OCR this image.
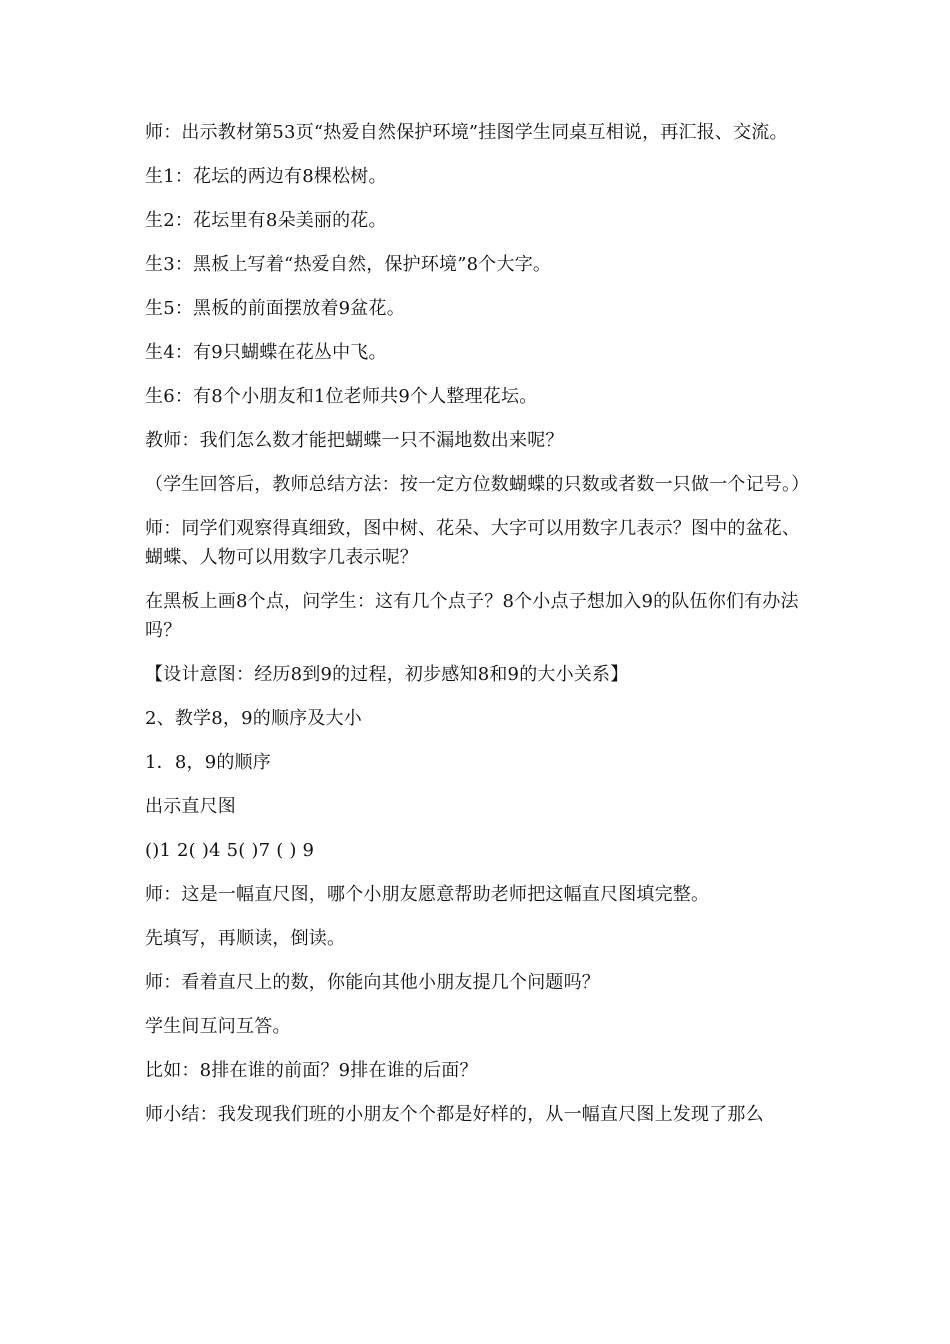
师：出示教材第53页“热爱自然保护环境”挂图学生同桌互相说，再汇报、交流。

生1：花坛的两边有8棵松树。

生2：花坛里有8朵美丽的花。

生3：黑板上写着“热爱自然，保护环境”8个大字。

生5：黑板的前面摆放着9盆花。

生4：有9只蝴蝶在花丛中飞。

生6：有8个小朋友和1位老师共9个人整理花坛。

教师：我们怎么数才能把蝴蝶一只不漏地数出来呢？

（学生回答后，教师总结方法：按一定方位数蝴蝶的只数或者数一只做一个记号。）

师：同学们观察得真细致，图中树、花朵、大字可以用数字几表示？图中的盆花、蝴蝶、人物可以用数字几表示呢？

在黑板上画8个点，问学生：这有几个点子？8个小点子想加入9的队伍你们有办法吗？

【设计意图：经历8到9的过程，初步感知8和9的大小关系】

2、教学8，9的顺序及大小

1．8，9的顺序

出示直尺图

()1 2( )4 5( )7 ( ) 9

师：这是一幅直尺图，哪个小朋友愿意帮助老师把这幅直尺图填完整。

先填写，再顺读，倒读。

师：看着直尺上的数，你能向其他小朋友提几个问题吗？

学生间互问互答。

比如：8排在谁的前面？9排在谁的后面？

师小结：我发现我们班的小朋友个个都是好样的，从一幅直尺图上发现了那么
